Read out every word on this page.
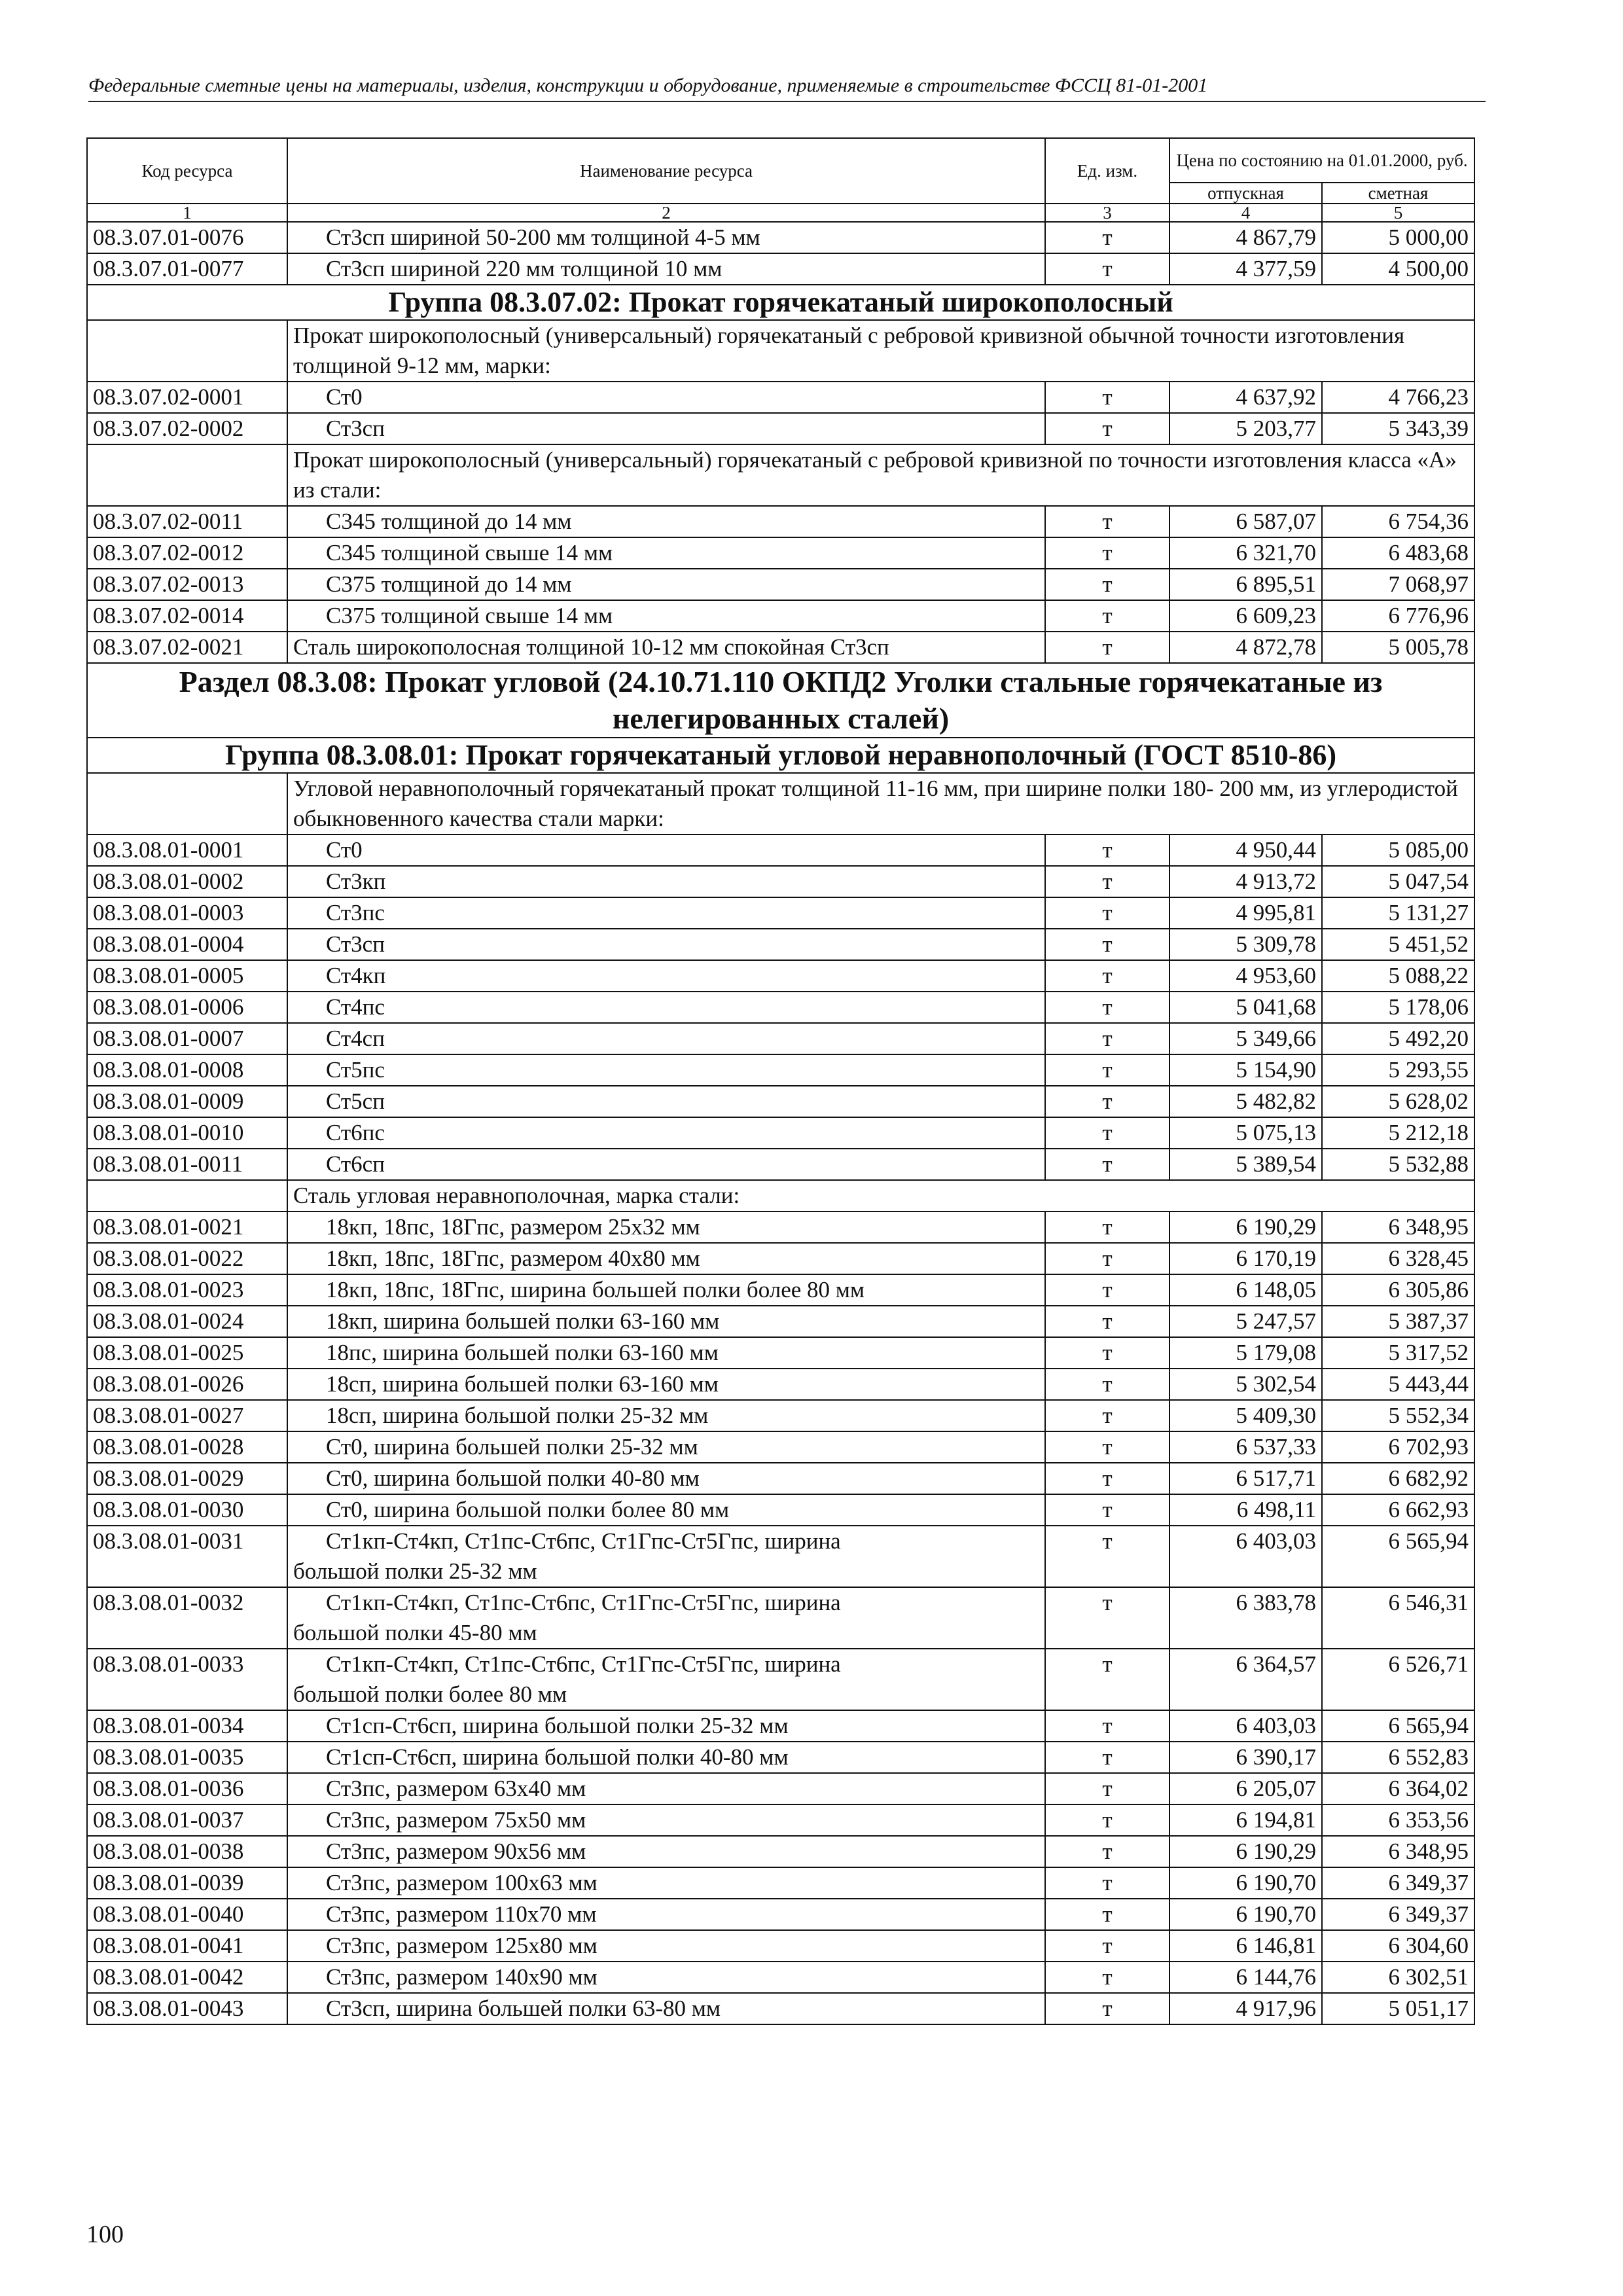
Федеральные сметные цены на материалы, изделия, конструкции и оборудование, применяемые в строительстве ФССЦ 81-01-2001
Код ресурса	Наименование ресурса	Ед. изм.	Цена по состоянию на 01.01.2000, руб.	
			отпускная	сметная
1	2	3	4	5
08.3.07.01-0076	Ст3сп шириной 50-200 мм толщиной 4-5 мм	т	4 867,79	5 000,00
08.3.07.01-0077	Ст3сп шириной 220 мм толщиной 10 мм	т	4 377,59	4 500,00
Группа 08.3.07.02: Прокат горячекатаный широкополосный				
	Прокат широкополосный (универсальный) горячекатаный с ребровой кривизной обычной точности изготовления толщиной 9-12 мм, марки:			
08.3.07.02-0001	Ст0	т	4 637,92	4 766,23
08.3.07.02-0002	Ст3сп	т	5 203,77	5 343,39
	Прокат широкополосный (универсальный) горячекатаный с ребровой кривизной по точности изготовления класса «А» из стали:			
08.3.07.02-0011	С345 толщиной до 14 мм	т	6 587,07	6 754,36
08.3.07.02-0012	С345 толщиной свыше 14 мм	т	6 321,70	6 483,68
08.3.07.02-0013	С375 толщиной до 14 мм	т	6 895,51	7 068,97
08.3.07.02-0014	С375 толщиной свыше 14 мм	т	6 609,23	6 776,96
08.3.07.02-0021	Сталь широкополосная толщиной 10-12 мм спокойная Ст3сп	т	4 872,78	5 005,78
Раздел 08.3.08: Прокат угловой (24.10.71.110 ОКПД2 Уголки стальные горячекатаные из нелегированных сталей)				
Группа 08.3.08.01: Прокат горячекатаный угловой неравнополочный (ГОСТ 8510-86)				
	Угловой неравнополочный горячекатаный прокат толщиной 11-16 мм, при ширине полки 180- 200 мм, из углеродистой обыкновенного качества стали марки:			
08.3.08.01-0001	Ст0	т	4 950,44	5 085,00
08.3.08.01-0002	Ст3кп	т	4 913,72	5 047,54
08.3.08.01-0003	Ст3пс	т	4 995,81	5 131,27
08.3.08.01-0004	Ст3сп	т	5 309,78	5 451,52
08.3.08.01-0005	Ст4кп	т	4 953,60	5 088,22
08.3.08.01-0006	Ст4пс	т	5 041,68	5 178,06
08.3.08.01-0007	Ст4сп	т	5 349,66	5 492,20
08.3.08.01-0008	Ст5пс	т	5 154,90	5 293,55
08.3.08.01-0009	Ст5сп	т	5 482,82	5 628,02
08.3.08.01-0010	Ст6пс	т	5 075,13	5 212,18
08.3.08.01-0011	Ст6сп	т	5 389,54	5 532,88
	Сталь угловая неравнополочная, марка стали:			
08.3.08.01-0021	18кп, 18пс, 18Гпс, размером 25х32 мм	т	6 190,29	6 348,95
08.3.08.01-0022	18кп, 18пс, 18Гпс, размером 40х80 мм	т	6 170,19	6 328,45
08.3.08.01-0023	18кп, 18пс, 18Гпс, ширина большей полки более 80 мм	т	6 148,05	6 305,86
08.3.08.01-0024	18кп, ширина большей полки 63-160 мм	т	5 247,57	5 387,37
08.3.08.01-0025	18пс, ширина большей полки 63-160 мм	т	5 179,08	5 317,52
08.3.08.01-0026	18сп, ширина большей полки 63-160 мм	т	5 302,54	5 443,44
08.3.08.01-0027	18сп, ширина большой полки 25-32 мм	т	5 409,30	5 552,34
08.3.08.01-0028	Ст0, ширина большей полки 25-32 мм	т	6 537,33	6 702,93
08.3.08.01-0029	Ст0, ширина большой полки 40-80 мм	т	6 517,71	6 682,92
08.3.08.01-0030	Ст0, ширина большой полки более 80 мм	т	6 498,11	6 662,93
08.3.08.01-0031	Ст1кп-Ст4кп, Ст1пс-Ст6пс, Ст1Гпс-Ст5Гпс, ширина
большой полки 25-32 мм	т	6 403,03	6 565,94
08.3.08.01-0032	Ст1кп-Ст4кп, Ст1пс-Ст6пс, Ст1Гпс-Ст5Гпс, ширина
большой полки 45-80 мм	т	6 383,78	6 546,31
08.3.08.01-0033	Ст1кп-Ст4кп, Ст1пс-Ст6пс, Ст1Гпс-Ст5Гпс, ширина
большой полки более 80 мм	т	6 364,57	6 526,71
08.3.08.01-0034	Ст1сп-Ст6сп, ширина большой полки 25-32 мм	т	6 403,03	6 565,94
08.3.08.01-0035	Ст1сп-Ст6сп, ширина большой полки 40-80 мм	т	6 390,17	6 552,83
08.3.08.01-0036	Ст3пс, размером 63х40 мм	т	6 205,07	6 364,02
08.3.08.01-0037	Ст3пс, размером 75х50 мм	т	6 194,81	6 353,56
08.3.08.01-0038	Ст3пс, размером 90х56 мм	т	6 190,29	6 348,95
08.3.08.01-0039	Ст3пс, размером 100х63 мм	т	6 190,70	6 349,37
08.3.08.01-0040	Ст3пс, размером 110х70 мм	т	6 190,70	6 349,37
08.3.08.01-0041	Ст3пс, размером 125х80 мм	т	6 146,81	6 304,60
08.3.08.01-0042	Ст3пс, размером 140х90 мм	т	6 144,76	6 302,51
08.3.08.01-0043	Ст3сп, ширина большей полки 63-80 мм	т	4 917,96	5 051,17
100
